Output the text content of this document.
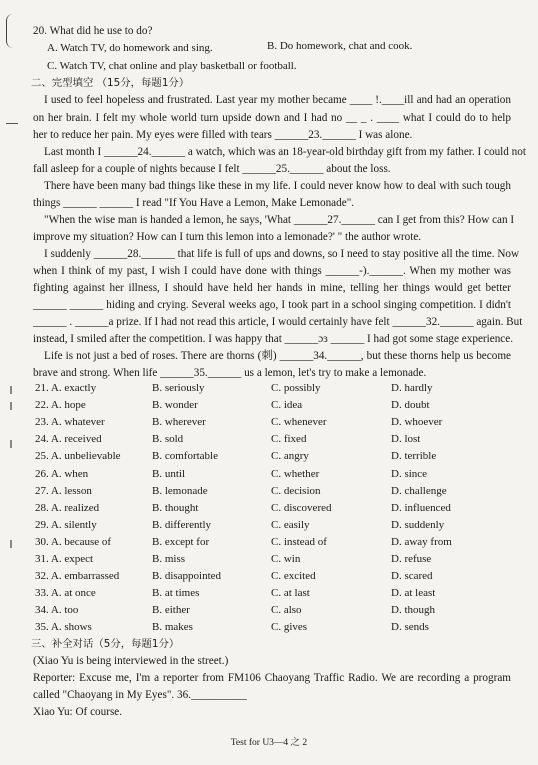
20. What did he use to do?
A. Watch TV, do homework and sing.	B. Do homework, chat and cook.
C. Watch TV, chat online and play basketball or football.
二、完型填空 （15分，每题1分）
I used to feel hopeless and frustrated. Last year my mother became ____ !.____ill and had an operation
on her brain. I felt my whole world turn upside down and I had no __ _ . ____ what I could do to help
her to reduce her pain. My eyes were filled with tears ______23.______ I was alone.
Last month I ______24.______ a watch, which was an 18-year-old birthday gift from my father. I could not
fall asleep for a couple of nights because I felt ______25.______ about the loss.
There have been many bad things like these in my life. I could never know how to deal with such tough
things ______ ______ I read "If You Have a Lemon, Make Lemonade".
"When the wise man is handed a lemon, he says, 'What ______27.______ can I get from this? How can I
improve my situation? How can I turn this lemon into a lemonade?' " the author wrote.
I suddenly ______28.______ that life is full of ups and downs, so I need to stay positive all the time. Now
when I think of my past, I wish I could have done with things ______-).______. When my mother was
fighting against her illness, I should have held her hands in mine, telling her things would get better
______ ______ hiding and crying. Several weeks ago, I took part in a school singing competition. I didn't
______ . ______a prize. If I had not read this article, I would certainly have felt ______32.______ again. But
instead, I smiled after the competition. I was happy that ______ɔɜ ______ I had got some stage experience.
Life is not just a bed of roses. There are thorns (刺) ______34.______, but these thorns help us become
brave and strong. When life ______35.______ us a lemon, let's try to make a lemonade.
21. A. exactly	B. seriously	C. possibly	D. hardly
22. A. hope	B. wonder	C. idea	D. doubt
23. A. whatever	B. wherever	C. whenever	D. whoever
24. A. received	B. sold	C. fixed	D. lost
25. A. unbelievable	B. comfortable	C. angry	D. terrible
26. A. when	B. until	C. whether	D. since
27. A. lesson	B. lemonade	C. decision	D. challenge
28. A. realized	B. thought	C. discovered	D. influenced
29. A. silently	B. differently	C. easily	D. suddenly
30. A. because of	B. except for	C. instead of	D. away from
31. A. expect	B. miss	C. win	D. refuse
32. A. embarrassed	B. disappointed	C. excited	D. scared
33. A. at once	B. at times	C. at last	D. at least
34. A. too	B. either	C. also	D. though
35. A. shows	B. makes	C. gives	D. sends
三、补全对话（5分，每题1分）
(Xiao Yu is being interviewed in the street.)
Reporter: Excuse me, I'm a reporter from FM106 Chaoyang Traffic Radio. We are recording a program
called "Chaoyang in My Eyes". 36.__________
Xiao Yu: Of course.
Test for U3—4 之 2
